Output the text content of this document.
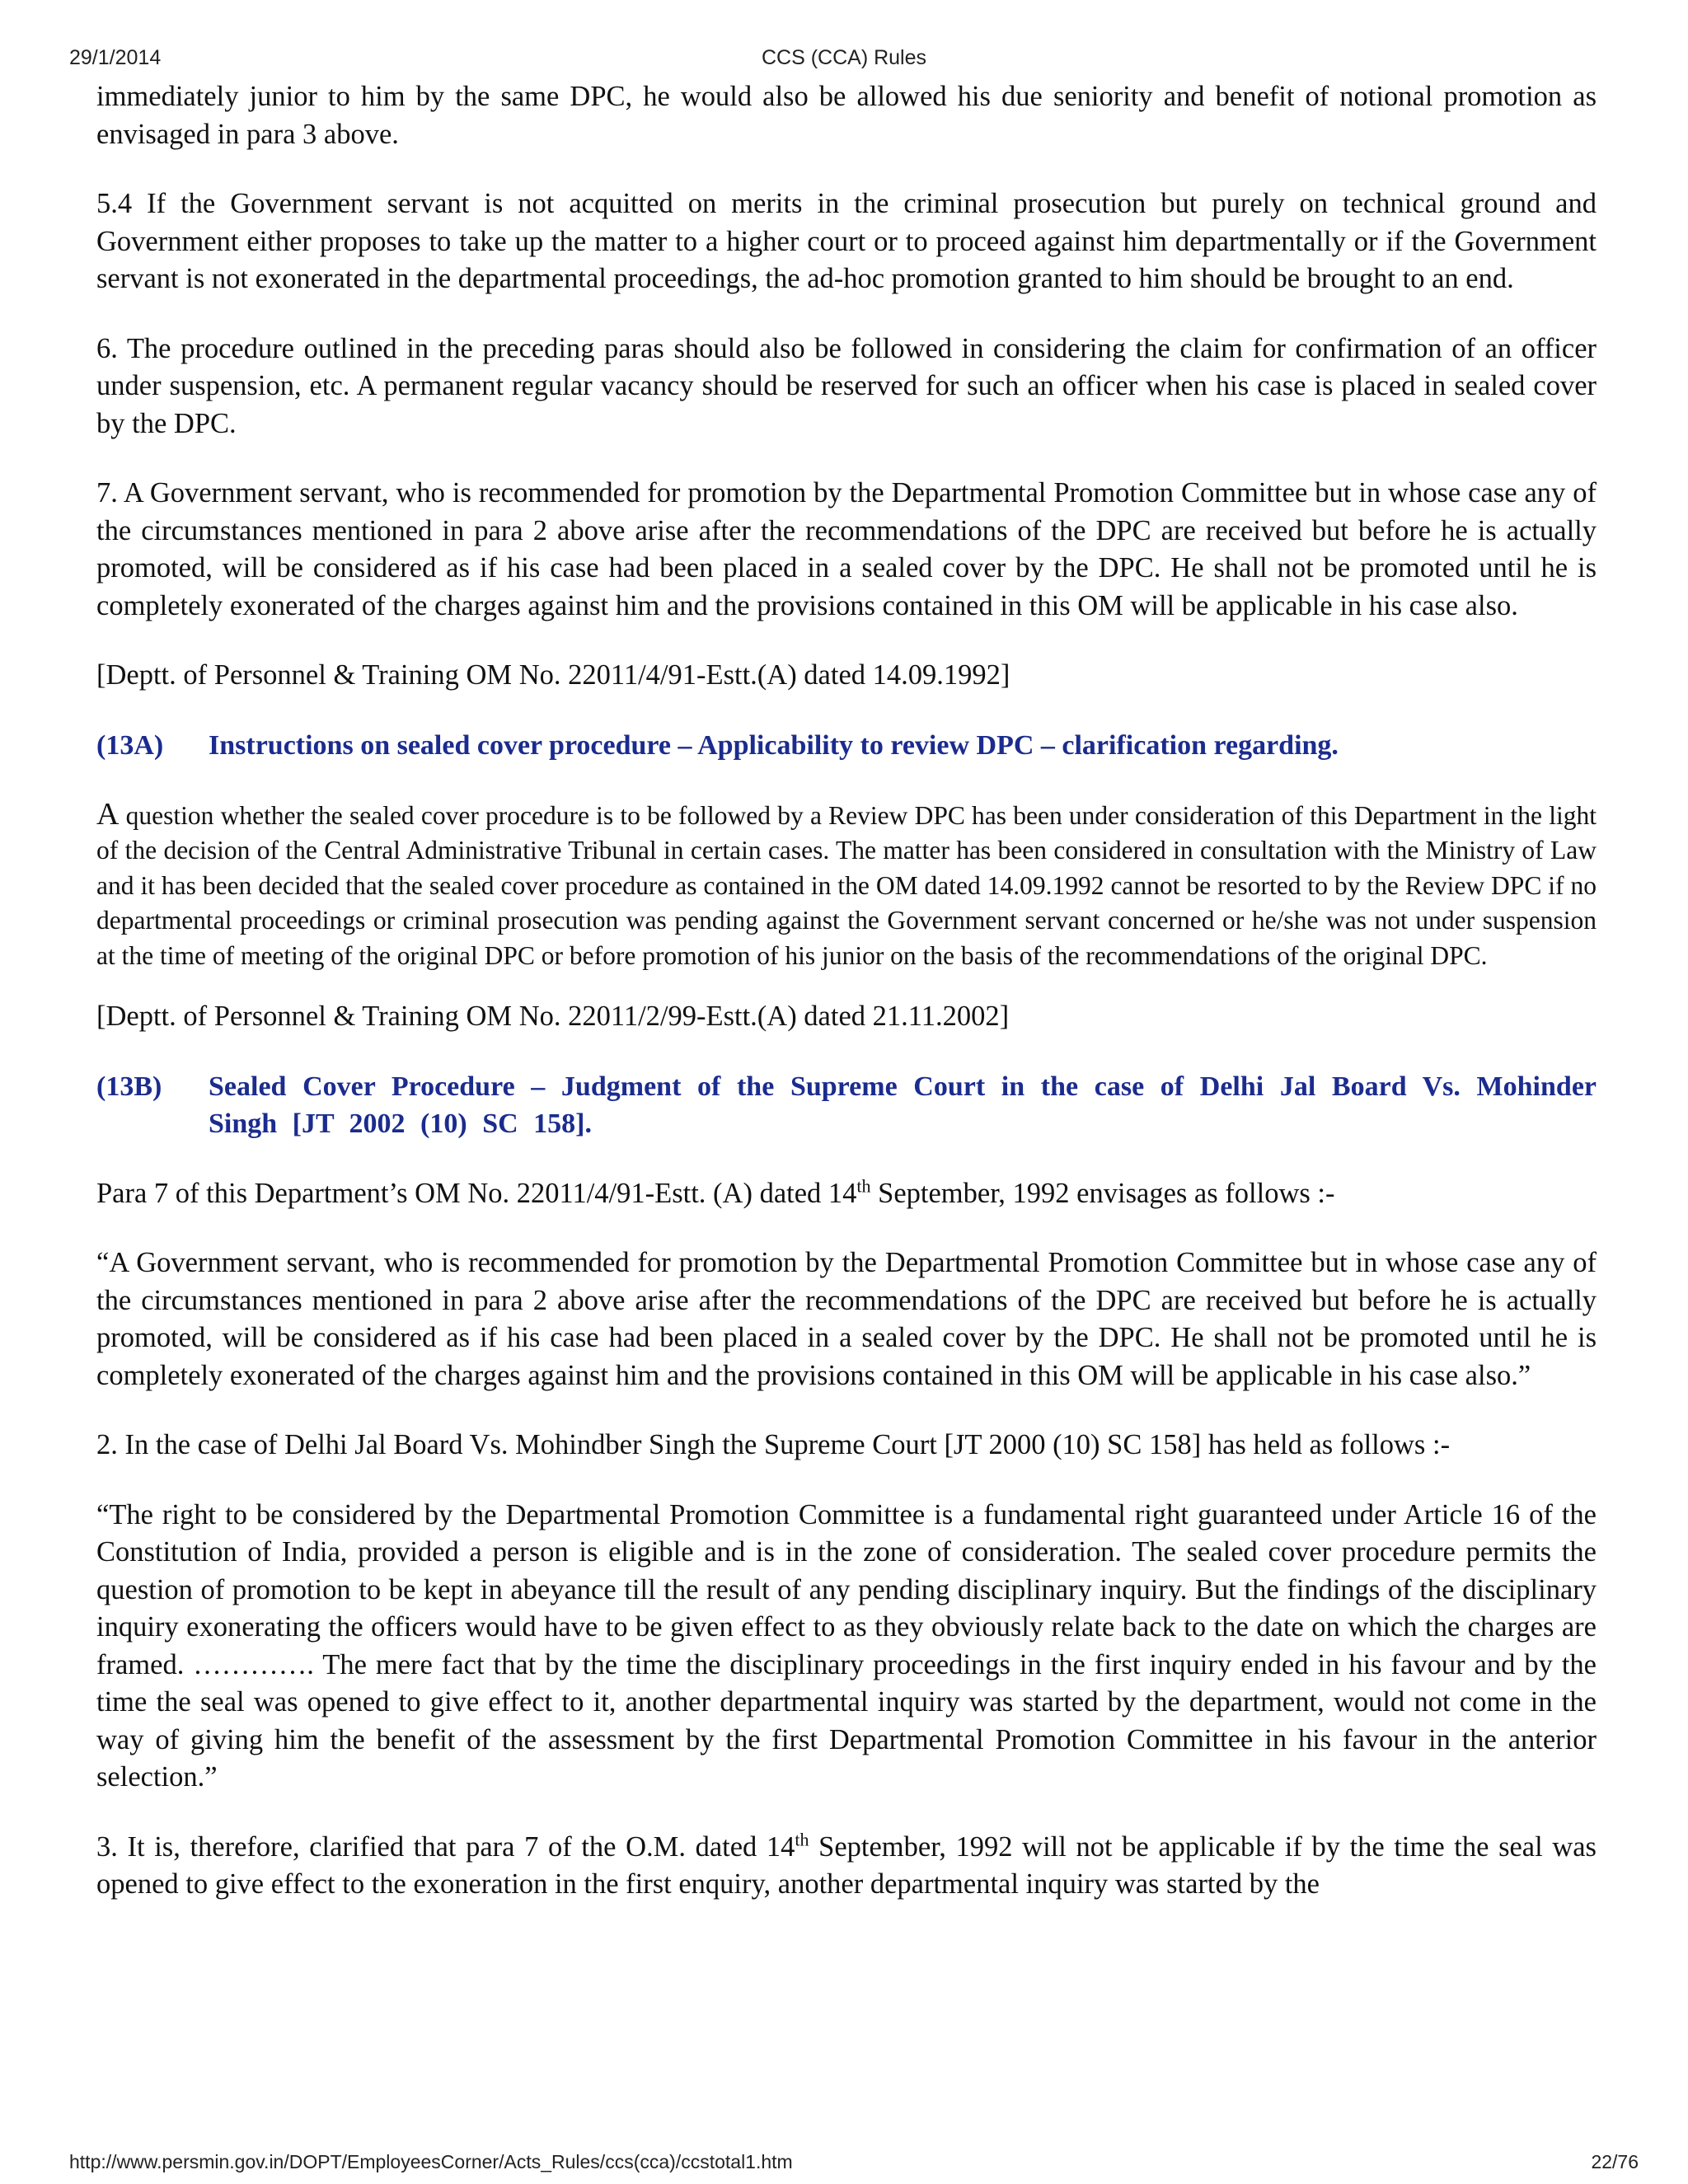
CCS (CCA) Rules
29/1/2014

immediately junior to him by the same DPC, he would also be allowed his due seniority and benefit of notional promotion as envisaged in para 3 above.

5.4 If the Government servant is not acquitted on merits in the criminal prosecution but purely on technical ground and Government either proposes to take up the matter to a higher court or to proceed against him departmentally or if the Government servant is not exonerated in the departmental proceedings, the ad-hoc promotion granted to him should be brought to an end.

6. The procedure outlined in the preceding paras should also be followed in considering the claim for confirmation of an officer under suspension, etc. A permanent regular vacancy should be reserved for such an officer when his case is placed in sealed cover by the DPC.

7. A Government servant, who is recommended for promotion by the Departmental Promotion Committee but in whose case any of the circumstances mentioned in para 2 above arise after the recommendations of the DPC are received but before he is actually promoted, will be considered as if his case had been placed in a sealed cover by the DPC. He shall not be promoted until he is completely exonerated of the charges against him and the provisions contained in this OM will be applicable in his case also.

[Deptt. of Personnel & Training OM No. 22011/4/91-Estt.(A) dated 14.09.1992]

(13A)	Instructions on sealed cover procedure – Applicability to review DPC – clarification regarding.

A question whether the sealed cover procedure is to be followed by a Review DPC has been under consideration of this Department in the light of the decision of the Central Administrative Tribunal in certain cases. The matter has been considered in consultation with the Ministry of Law and it has been decided that the sealed cover procedure as contained in the OM dated 14.09.1992 cannot be resorted to by the Review DPC if no departmental proceedings or criminal prosecution was pending against the Government servant concerned or he/she was not under suspension at the time of meeting of the original DPC or before promotion of his junior on the basis of the recommendations of the original DPC.

[Deptt. of Personnel & Training OM No. 22011/2/99-Estt.(A) dated 21.11.2002]

(13B)	Sealed Cover Procedure – Judgment of the Supreme Court in the case of Delhi Jal Board Vs. Mohinder Singh [JT 2002 (10) SC 158].

Para 7 of this Department’s OM No. 22011/4/91-Estt. (A) dated 14th September, 1992 envisages as follows :-

“A Government servant, who is recommended for promotion by the Departmental Promotion Committee but in whose case any of the circumstances mentioned in para 2 above arise after the recommendations of the DPC are received but before he is actually promoted, will be considered as if his case had been placed in a sealed cover by the DPC. He shall not be promoted until he is completely exonerated of the charges against him and the provisions contained in this OM will be applicable in his case also.”

2. In the case of Delhi Jal Board Vs. Mohindber Singh the Supreme Court [JT 2000 (10) SC 158] has held as follows :-

“The right to be considered by the Departmental Promotion Committee is a fundamental right guaranteed under Article 16 of the Constitution of India, provided a person is eligible and is in the zone of consideration. The sealed cover procedure permits the question of promotion to be kept in abeyance till the result of any pending disciplinary inquiry. But the findings of the disciplinary inquiry exonerating the officers would have to be given effect to as they obviously relate back to the date on which the charges are framed. …………. The mere fact that by the time the disciplinary proceedings in the first inquiry ended in his favour and by the time the seal was opened to give effect to it, another departmental inquiry was started by the department, would not come in the way of giving him the benefit of the assessment by the first Departmental Promotion Committee in his favour in the anterior selection.”

3. It is, therefore, clarified that para 7 of the O.M. dated 14th September, 1992 will not be applicable if by the time the seal was opened to give effect to the exoneration in the first enquiry, another departmental inquiry was started by the

http://www.persmin.gov.in/DOPT/EmployeesCorner/Acts_Rules/ccs(cca)/ccstotal1.htm	22/76
